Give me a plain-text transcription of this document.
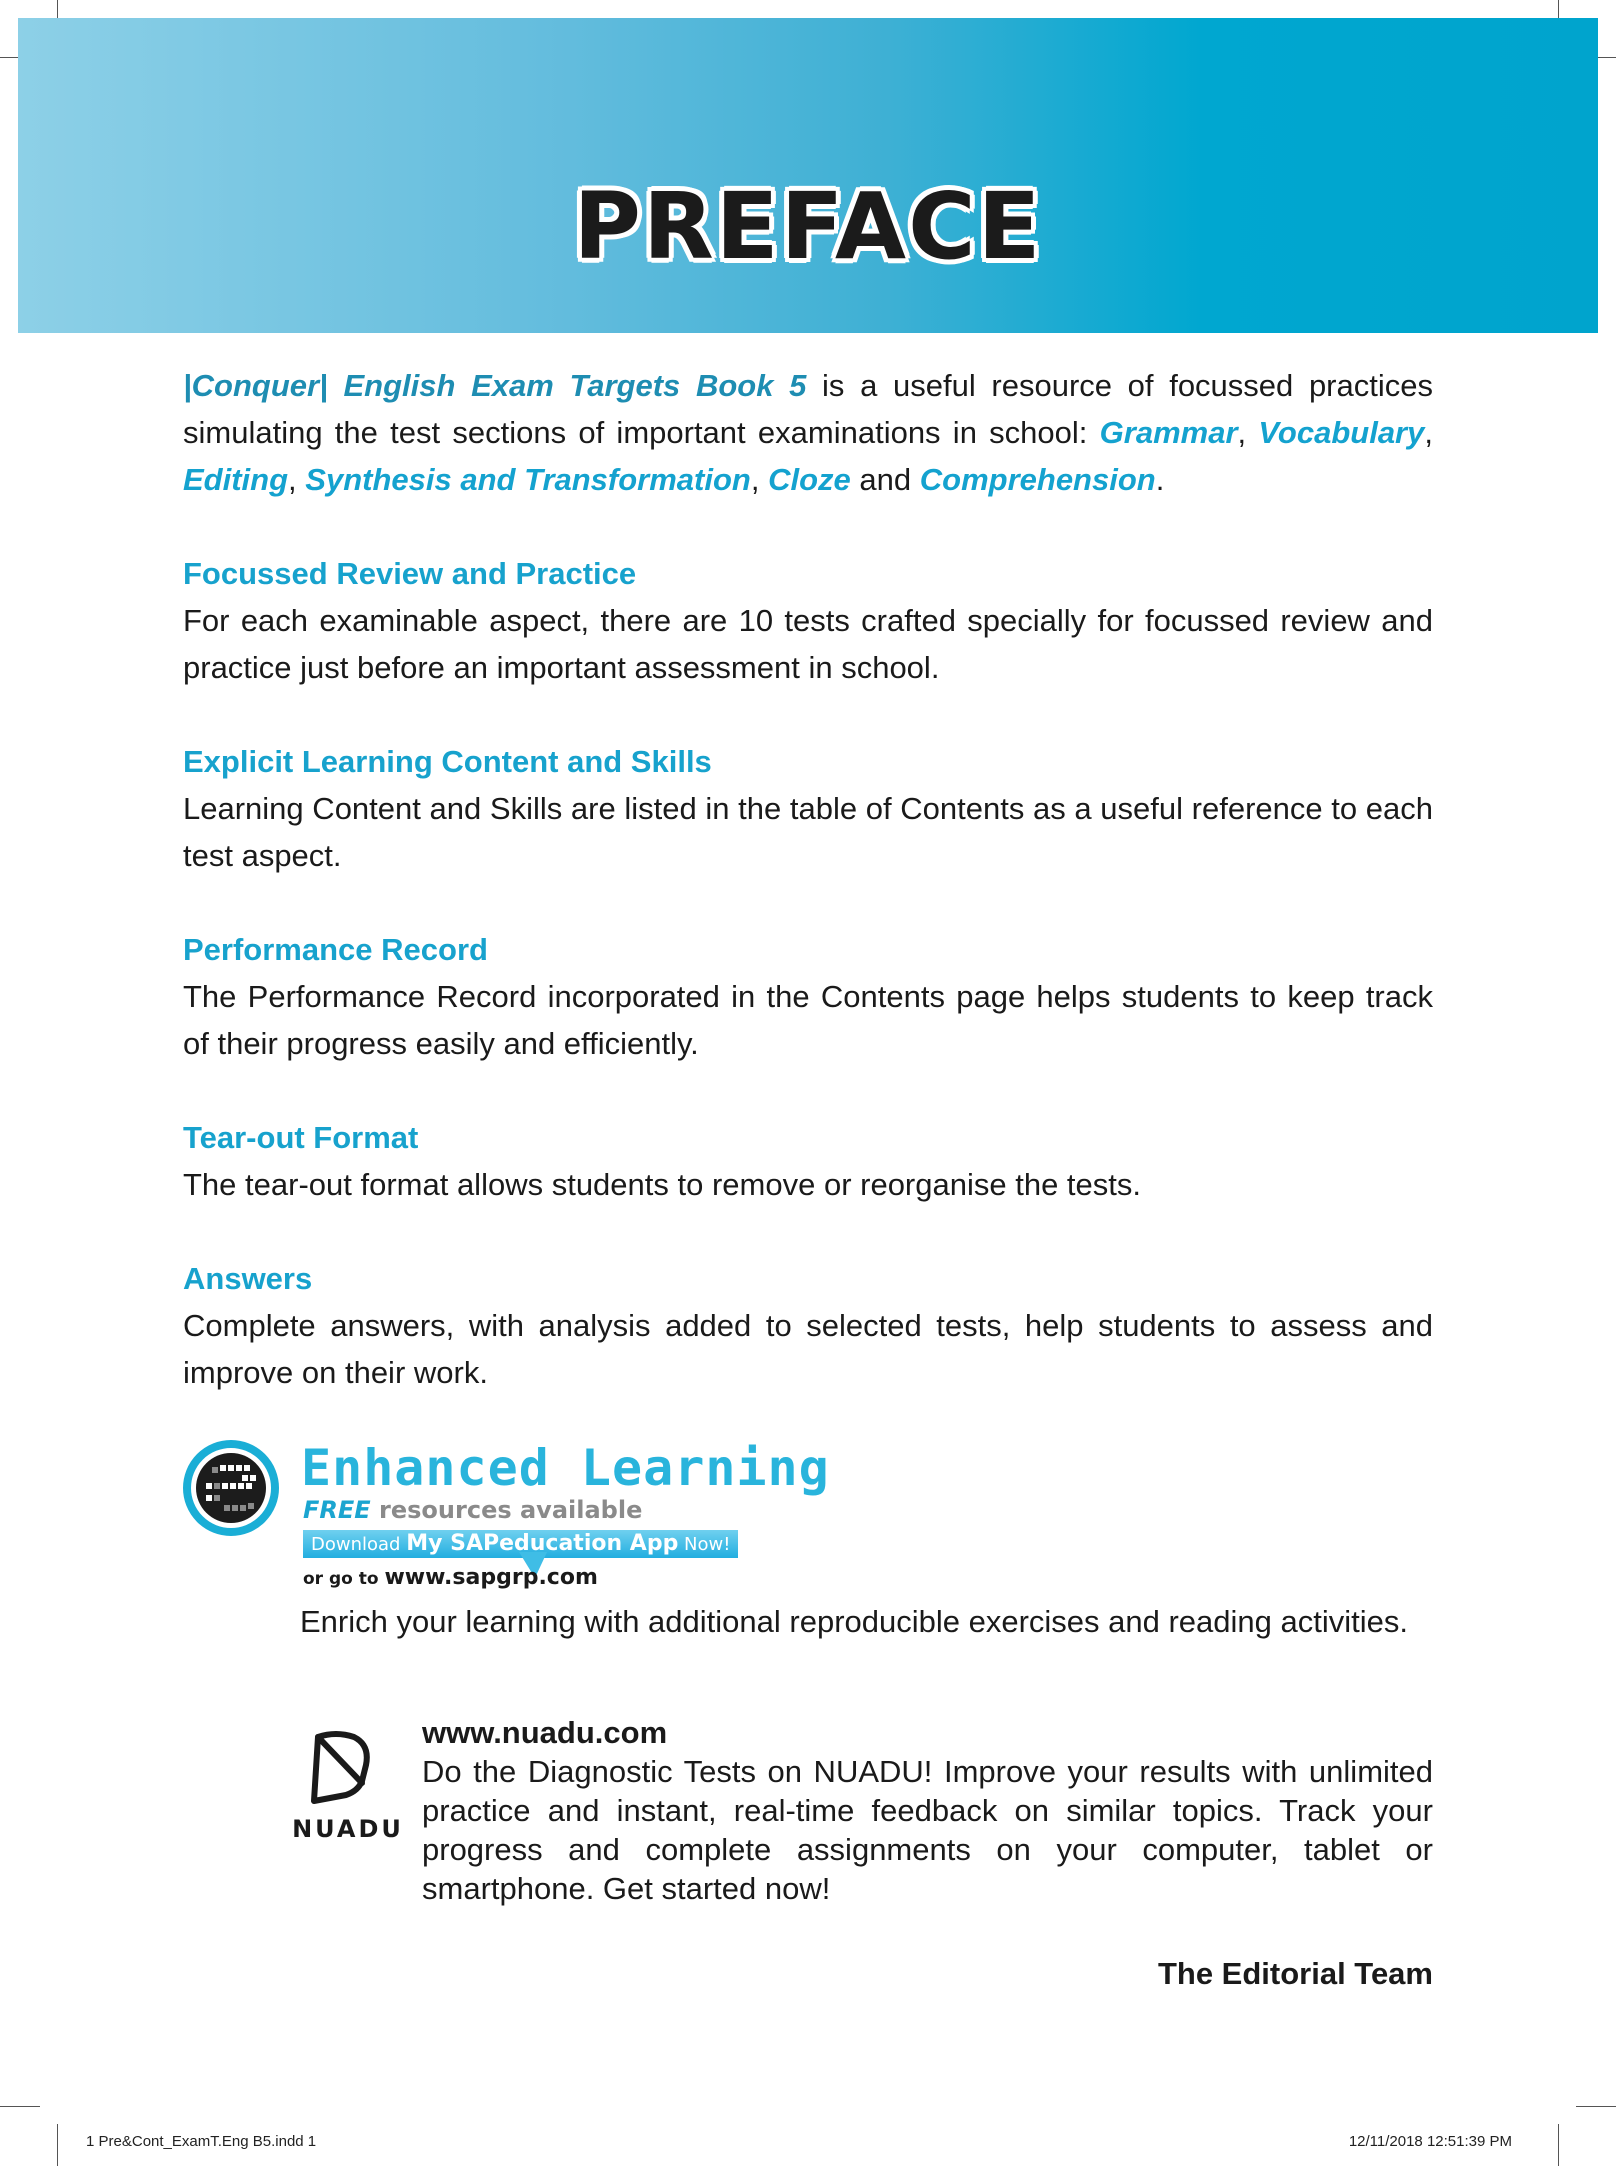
PREFACE

|Conquer| English Exam Targets Book 5 is a useful resource of focussed practices simulating the test sections of important examinations in school: Grammar, Vocabulary, Editing, Synthesis and Transformation, Cloze and Comprehension.

Focussed Review and Practice

For each examinable aspect, there are 10 tests crafted specially for focussed review and practice just before an important assessment in school.

Explicit Learning Content and Skills

Learning Content and Skills are listed in the table of Contents as a useful reference to each test aspect.

Performance Record

The Performance Record incorporated in the Contents page helps students to keep track of their progress easily and efficiently.

Tear-out Format

The tear-out format allows students to remove or reorganise the tests.

Answers

Complete answers, with analysis added to selected tests, help students to assess and improve on their work.

Enhanced Learning
FREE resources available
Download My SAPeducation App Now!
or go to www.sapgrp.com

Enrich your learning with additional reproducible exercises and reading activities.

NUADU
www.nuadu.com

Do the Diagnostic Tests on NUADU! Improve your results with unlimited practice and instant, real-time feedback on similar topics. Track your progress and complete assignments on your computer, tablet or smartphone. Get started now!

The Editorial Team
1 Pre&Cont_ExamT.Eng B5.indd 1	12/11/2018 12:51:39 PM
